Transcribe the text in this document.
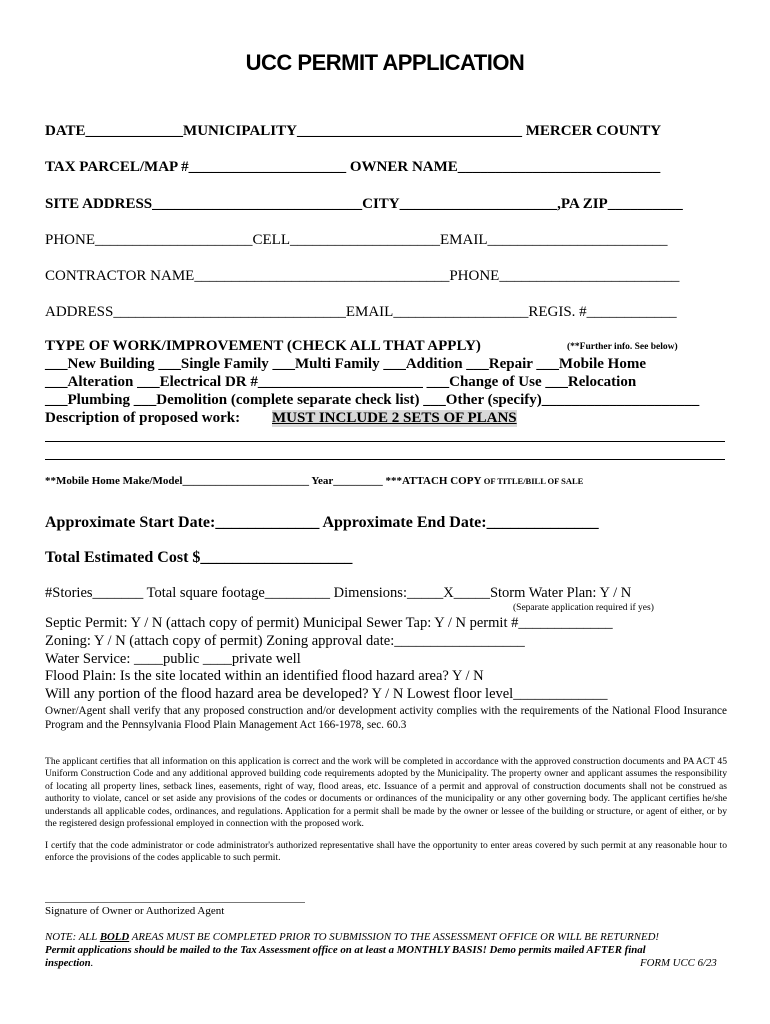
UCC PERMIT APPLICATION
DATE_____________MUNICIPALITY______________________________ MERCER COUNTY
TAX PARCEL/MAP #_____________________ OWNER NAME___________________________
SITE ADDRESS____________________________CITY_____________________,PA ZIP__________
PHONE_____________________CELL____________________EMAIL________________________
CONTRACTOR NAME__________________________________PHONE________________________
ADDRESS_______________________________EMAIL__________________REGIS. #____________
TYPE OF WORK/IMPROVEMENT (CHECK ALL THAT APPLY)	(**Further info. See below)
___New Building ___Single Family ___Multi Family ___Addition ___Repair ___Mobile Home
___Alteration ___Electrical DR #______________________ ___Change of Use ___Relocation
___Plumbing ___Demolition (complete separate check list) ___Other (specify)_____________________
Description of proposed work: MUST INCLUDE 2 SETS OF PLANS
**Mobile Home Make/Model_______________________ Year_________ ***ATTACH COPY OF TITLE/BILL OF SALE
Approximate Start Date:_____________ Approximate End Date:______________
Total Estimated Cost $___________________
#Stories_______ Total square footage_________ Dimensions:_____X_____Storm Water Plan: Y / N
(Separate application required if yes)
Septic Permit: Y / N (attach copy of permit) Municipal Sewer Tap: Y / N permit #_____________
Zoning: Y / N (attach copy of permit) Zoning approval date:__________________
Water Service: ____public ____private well
Flood Plain: Is the site located within an identified flood hazard area? Y / N
Will any portion of the flood hazard area be developed? Y / N Lowest floor level_____________
Owner/Agent shall verify that any proposed construction and/or development activity complies with the requirements of the National Flood Insurance Program and the Pennsylvania Flood Plain Management Act 166-1978, sec. 60.3
The applicant certifies that all information on this application is correct and the work will be completed in accordance with the approved construction documents and PA ACT 45 Uniform Construction Code and any additional approved building code requirements adopted by the Municipality. The property owner and applicant assumes the responsibility of locating all property lines, setback lines, easements, right of way, flood areas, etc. Issuance of a permit and approval of construction documents shall not be construed as authority to violate, cancel or set aside any provisions of the codes or documents or ordinances of the municipality or any other governing body. The applicant certifies he/she understands all applicable codes, ordinances, and regulations. Application for a permit shall be made by the owner or lessee of the building or structure, or agent of either, or by the registered design professional employed in connection with the proposed work.
I certify that the code administrator or code administrator's authorized representative shall have the opportunity to enter areas covered by such permit at any reasonable hour to enforce the provisions of the codes applicable to such permit.
Signature of Owner or Authorized Agent
NOTE: ALL BOLD AREAS MUST BE COMPLETED PRIOR TO SUBMISSION TO THE ASSESSMENT OFFICE OR WILL BE RETURNED!
Permit applications should be mailed to the Tax Assessment office on at least a MONTHLY BASIS! Demo permits mailed AFTER final
inspection.	FORM UCC 6/23
